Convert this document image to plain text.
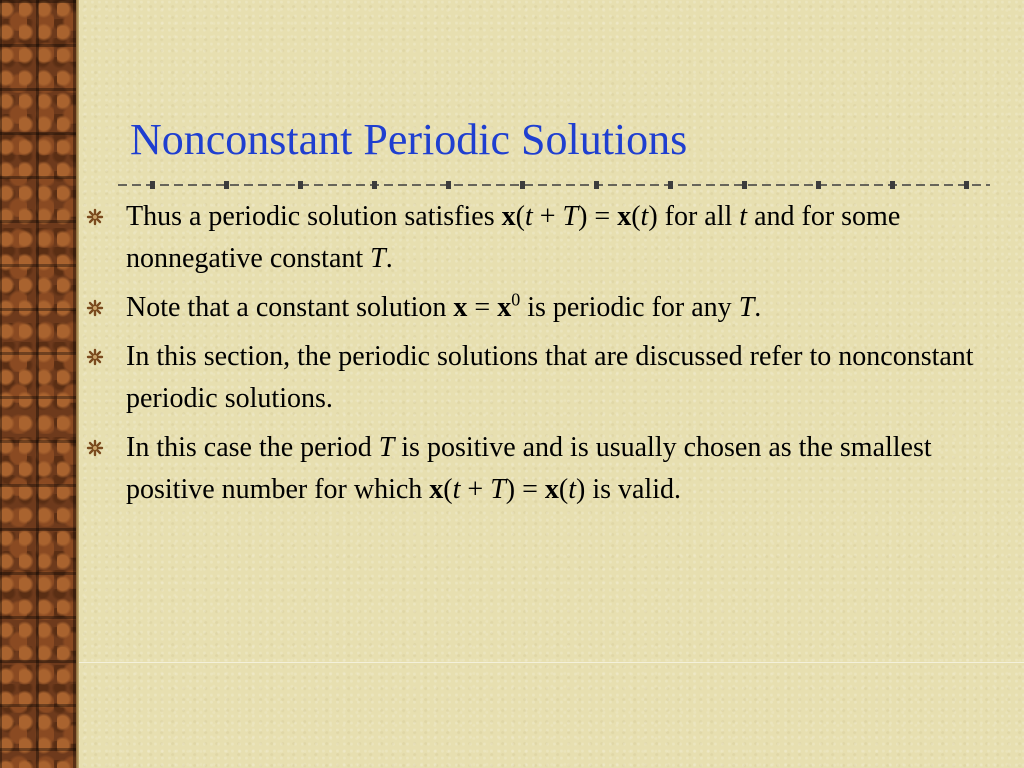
Nonconstant Periodic Solutions
Thus a periodic solution satisfies x(t + T) = x(t) for all t and for some nonnegative constant T.
Note that a constant solution $x = x^0$ is periodic for any T.
In this section, the periodic solutions that are discussed refer to nonconstant periodic solutions.
In this case the period T is positive and is usually chosen as the smallest positive number for which x(t + T) = x(t) is valid.
